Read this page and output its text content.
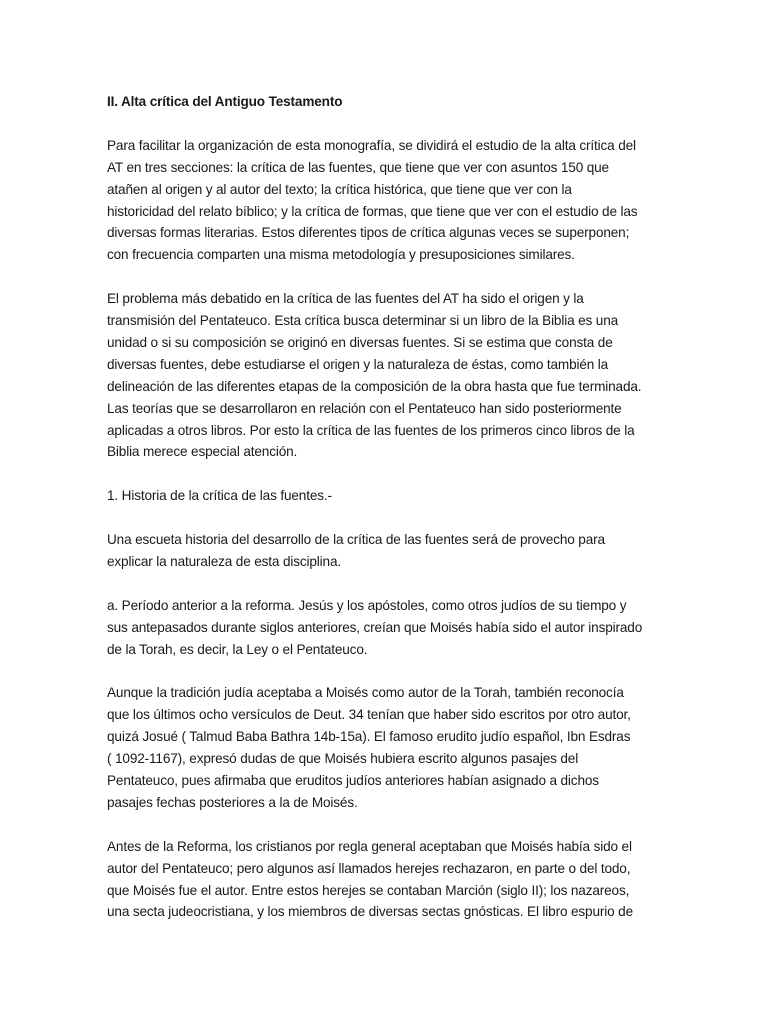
II. Alta crítica del Antiguo Testamento
Para facilitar la organización de esta monografía, se dividirá el estudio de la alta crítica del
AT en tres secciones: la crítica de las fuentes, que tiene que ver con asuntos 150 que
atañen al origen y al autor del texto; la crítica histórica, que tiene que ver con la
historicidad del relato bíblico; y la crítica de formas, que tiene que ver con el estudio de las
diversas formas literarias. Estos diferentes tipos de crítica algunas veces se superponen;
con frecuencia comparten una misma metodología y presuposiciones similares.
El problema más debatido en la crítica de las fuentes del AT ha sido el origen y la
transmisión del Pentateuco. Esta crítica busca determinar si un libro de la Biblia es una
unidad o si su composición se originó en diversas fuentes. Si se estima que consta de
diversas fuentes, debe estudiarse el origen y la naturaleza de éstas, como también la
delineación de las diferentes etapas de la composición de la obra hasta que fue terminada.
Las teorías que se desarrollaron en relación con el Pentateuco han sido posteriormente
aplicadas a otros libros. Por esto la crítica de las fuentes de los primeros cinco libros de la
Biblia merece especial atención.
1. Historia de la crítica de las fuentes.-
Una escueta historia del desarrollo de la crítica de las fuentes será de provecho para
explicar la naturaleza de esta disciplina.
a. Período anterior a la reforma. Jesús y los apóstoles, como otros judíos de su tiempo y
sus antepasados durante siglos anteriores, creían que Moisés había sido el autor inspirado
de la Torah, es decir, la Ley o el Pentateuco.
Aunque la tradición judía aceptaba a Moisés como autor de la Torah, también reconocía
que los últimos ocho versículos de Deut. 34 tenían que haber sido escritos por otro autor,
quizá Josué ( Talmud Baba Bathra 14b-15a). El famoso erudito judío español, Ibn Esdras
( 1092-1167), expresó dudas de que Moisés hubiera escrito algunos pasajes del
Pentateuco, pues afirmaba que eruditos judíos anteriores habían asignado a dichos
pasajes fechas posteriores a la de Moisés.
Antes de la Reforma, los cristianos por regla general aceptaban que Moisés había sido el
autor del Pentateuco; pero algunos así llamados herejes rechazaron, en parte o del todo,
que Moisés fue el autor. Entre estos herejes se contaban Marción (siglo II); los nazareos,
una secta judeocristiana, y los miembros de diversas sectas gnósticas. El libro espurio de
